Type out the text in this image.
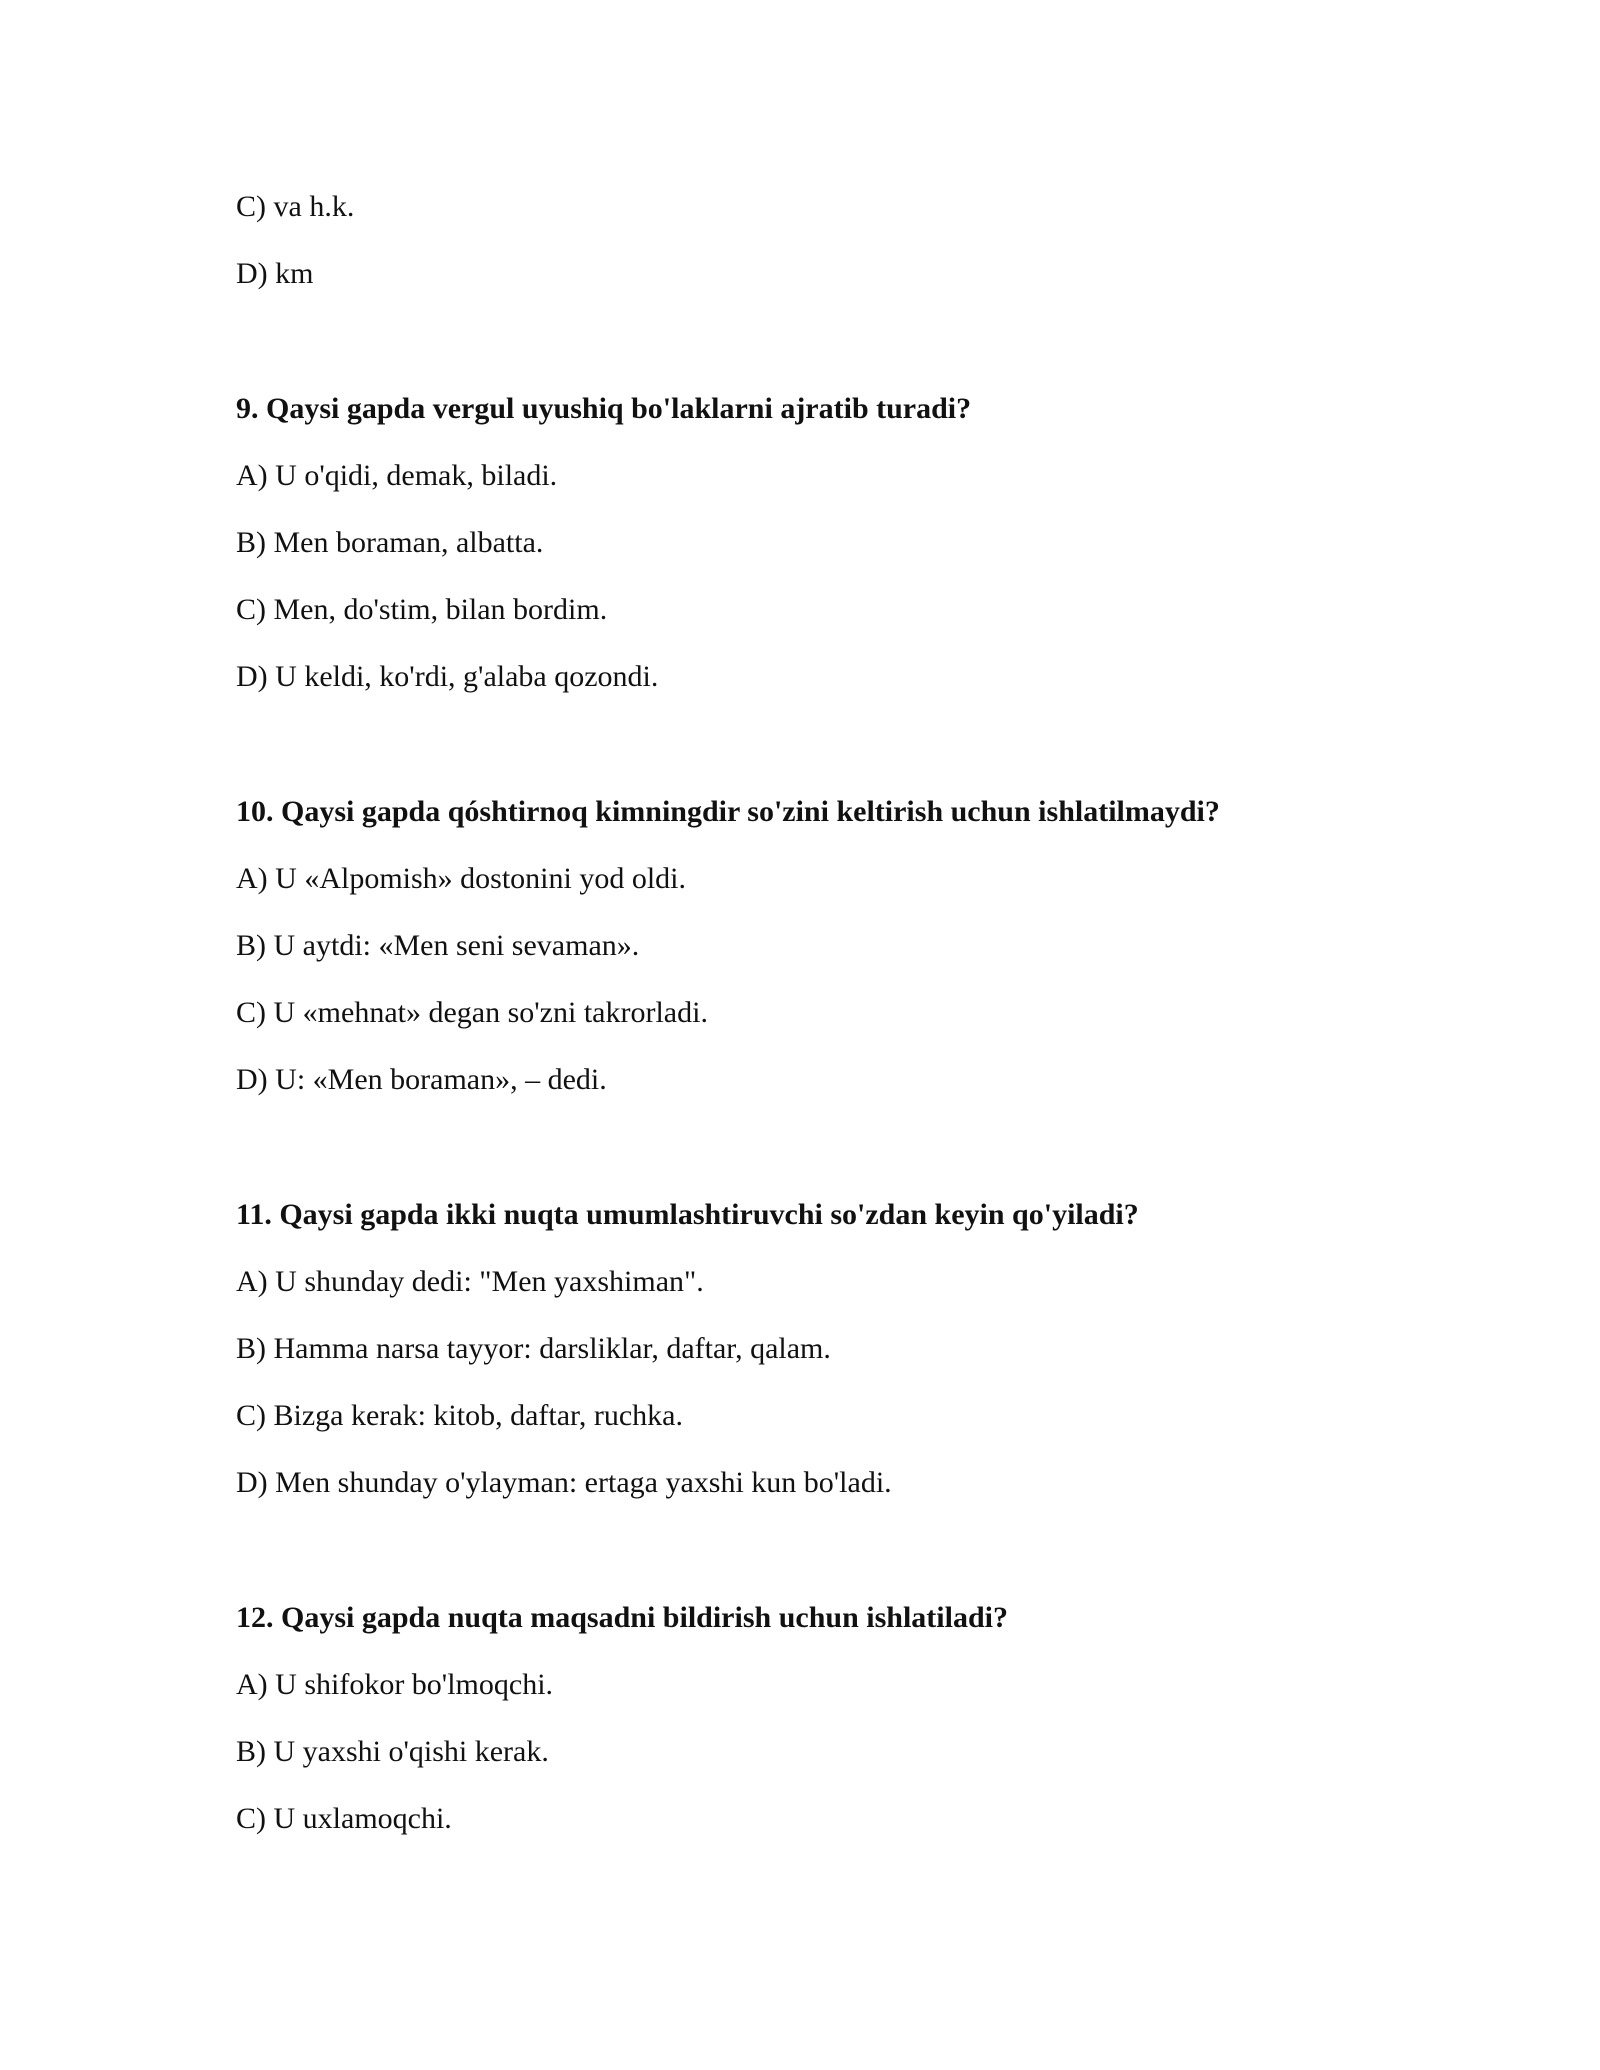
C) va h.k.
D) km
9. Qaysi gapda vergul uyushiq bo'laklarni ajratib turadi?
A) U o'qidi, demak, biladi.
B) Men boraman, albatta.
C) Men, do'stim, bilan bordim.
D) U keldi, ko'rdi, g'alaba qozondi.
10. Qaysi gapda qóshtirnoq kimningdir so'zini keltirish uchun ishlatilmaydi?
A) U «Alpomish» dostonini yod oldi.
B) U aytdi: «Men seni sevaman».
C) U «mehnat» degan so'zni takrorladi.
D) U: «Men boraman», – dedi.
11. Qaysi gapda ikki nuqta umumlashtiruvchi so'zdan keyin qo'yiladi?
A) U shunday dedi: "Men yaxshiman".
B) Hamma narsa tayyor: darsliklar, daftar, qalam.
C) Bizga kerak: kitob, daftar, ruchka.
D) Men shunday o'ylayman: ertaga yaxshi kun bo'ladi.
12. Qaysi gapda nuqta maqsadni bildirish uchun ishlatiladi?
A) U shifokor bo'lmoqchi.
B) U yaxshi o'qishi kerak.
C) U uxlamoqchi.
